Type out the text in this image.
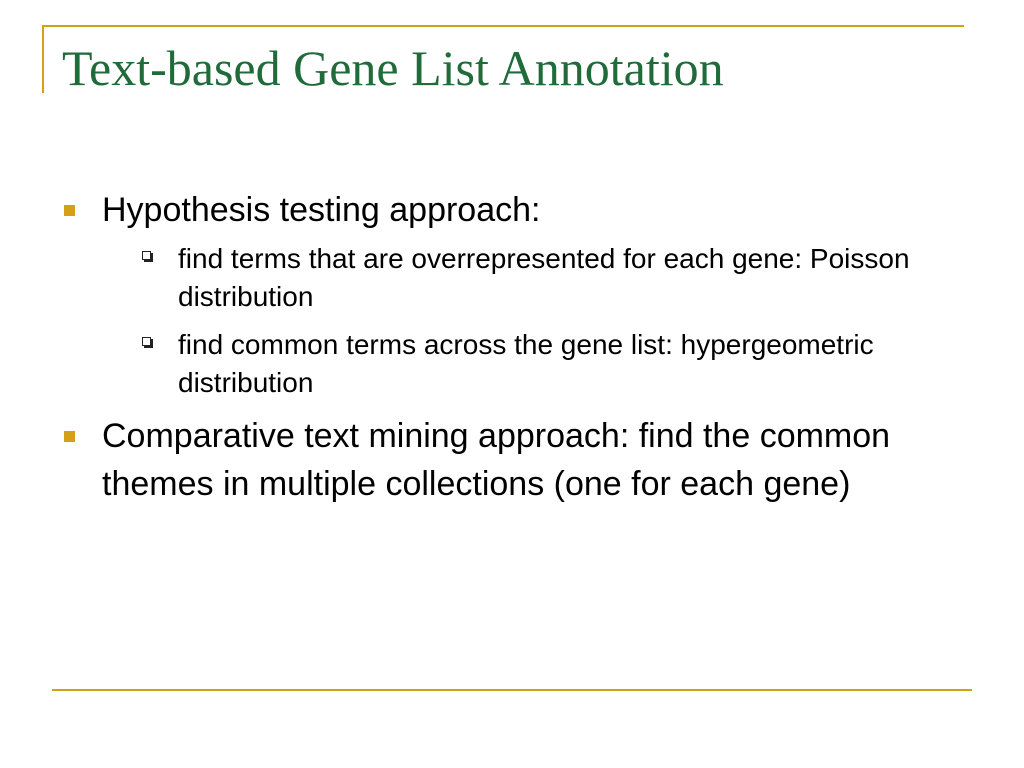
Text-based Gene List Annotation
Hypothesis testing approach:
find terms that are overrepresented for each gene: Poisson distribution
find common terms across the gene list: hypergeometric distribution
Comparative text mining approach: find the common themes in multiple collections (one for each gene)
